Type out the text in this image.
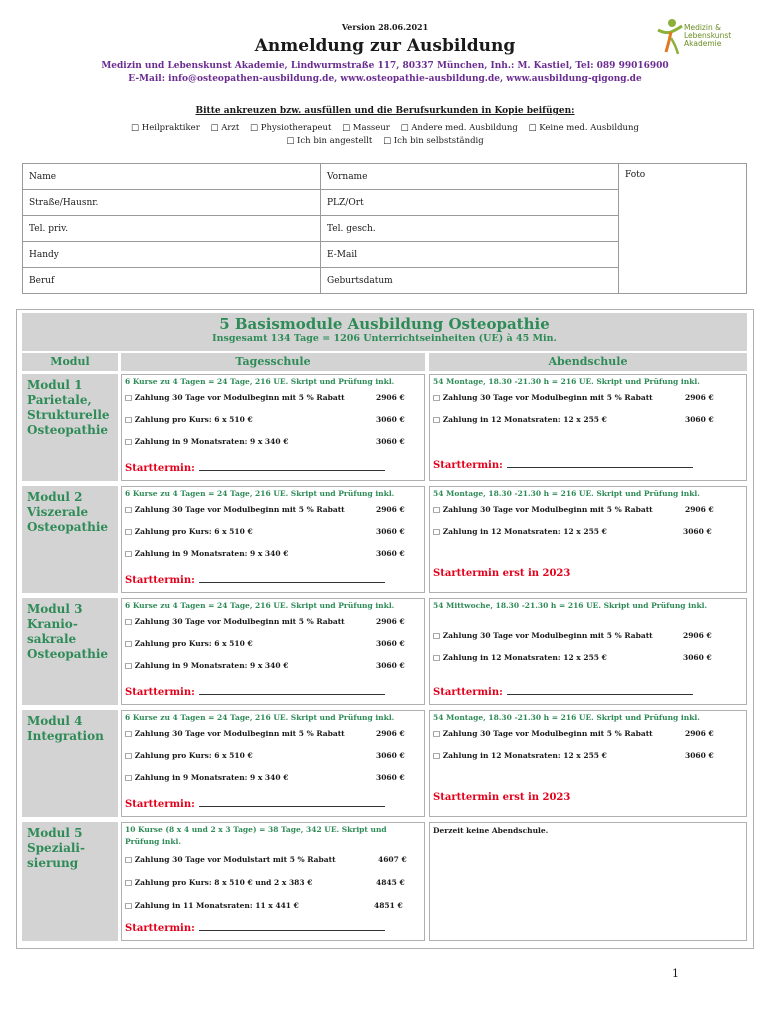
Version 28.06.2021	Medizin &
Lebenskunst
Akademie
Anmeldung zur Ausbildung
Medizin und Lebenskunst Akademie, Lindwurmstraße 117, 80337 München, Inh.: M. Kastiel, Tel: 089 99016900
E-Mail: info@osteopathen-ausbildung.de, www.osteopathie-ausbildung.de, www.ausbildung-qigong.de
Bitte ankreuzen bzw. ausfüllen und die Berufsurkunden in Kopie beifügen:
□ Heilpraktiker □ Arzt □ Physiotherapeut □ Masseur □ Andere med. Ausbildung □ Keine med. Ausbildung
□ Ich bin angestellt □ Ich bin selbstständig
Name	Vorname	Foto
Straße/Hausnr.	PLZ/Ort	
Tel. priv.	Tel. gesch.	
Handy	E-Mail	
Beruf	Geburtsdatum	
5 Basismodule Ausbildung Osteopathie
Insgesamt 134 Tage = 1206 Unterrichtseinheiten (UE) à 45 Min.
Modul	Tagesschule	Abendschule
Modul 1 Parietale, Strukturelle Osteopathie
6 Kurse zu 4 Tagen = 24 Tage, 216 UE. Skript und Prüfung inkl.
□ Zahlung 30 Tage vor Modulbeginn mit 5 % Rabatt	2906 €
□ Zahlung pro Kurs: 6 x 510 €	3060 €
□ Zahlung in 9 Monatsraten: 9 x 340 €	3060 €
Starttermin:
54 Montage, 18.30 -21.30 h = 216 UE. Skript und Prüfung inkl.
□ Zahlung 30 Tage vor Modulbeginn mit 5 % Rabatt	2906 €
□ Zahlung in 12 Monatsraten: 12 x 255 €	3060 €
Starttermin:
Modul 2 Viszerale Osteopathie
6 Kurse zu 4 Tagen = 24 Tage, 216 UE. Skript und Prüfung inkl.
□ Zahlung 30 Tage vor Modulbeginn mit 5 % Rabatt	2906 €
□ Zahlung pro Kurs: 6 x 510 €	3060 €
□ Zahlung in 9 Monatsraten: 9 x 340 €	3060 €
Starttermin:
54 Montage, 18.30 -21.30 h = 216 UE. Skript und Prüfung inkl.
□ Zahlung 30 Tage vor Modulbeginn mit 5 % Rabatt	2906 €
□ Zahlung in 12 Monatsraten: 12 x 255 €	3060 €
Starttermin erst in 2023
Modul 3 Kranio-sakrale Osteopathie
6 Kurse zu 4 Tagen = 24 Tage, 216 UE. Skript und Prüfung inkl.
□ Zahlung 30 Tage vor Modulbeginn mit 5 % Rabatt	2906 €
□ Zahlung pro Kurs: 6 x 510 €	3060 €
□ Zahlung in 9 Monatsraten: 9 x 340 €	3060 €
Starttermin:
54 Mittwoche, 18.30 -21.30 h = 216 UE. Skript und Prüfung inkl.
□ Zahlung 30 Tage vor Modulbeginn mit 5 % Rabatt	2906 €
□ Zahlung in 12 Monatsraten: 12 x 255 €	3060 €
Starttermin:
Modul 4 Integration
6 Kurse zu 4 Tagen = 24 Tage, 216 UE. Skript und Prüfung inkl.
□ Zahlung 30 Tage vor Modulbeginn mit 5 % Rabatt	2906 €
□ Zahlung pro Kurs: 6 x 510 €	3060 €
□ Zahlung in 9 Monatsraten: 9 x 340 €	3060 €
Starttermin:
54 Montage, 18.30 -21.30 h = 216 UE. Skript und Prüfung inkl.
□ Zahlung 30 Tage vor Modulbeginn mit 5 % Rabatt	2906 €
□ Zahlung in 12 Monatsraten: 12 x 255 €	3060 €
Starttermin erst in 2023
Modul 5 Speziali-sierung
10 Kurse (8 x 4 und 2 x 3 Tage) = 38 Tage, 342 UE. Skript und Prüfung inkl.
□ Zahlung 30 Tage vor Modulstart mit 5 % Rabatt	4607 €
□ Zahlung pro Kurs: 8 x 510 € und 2 x 383 €	4845 €
□ Zahlung in 11 Monatsraten: 11 x 441 €	4851 €
Starttermin:
Derzeit keine Abendschule.
1
